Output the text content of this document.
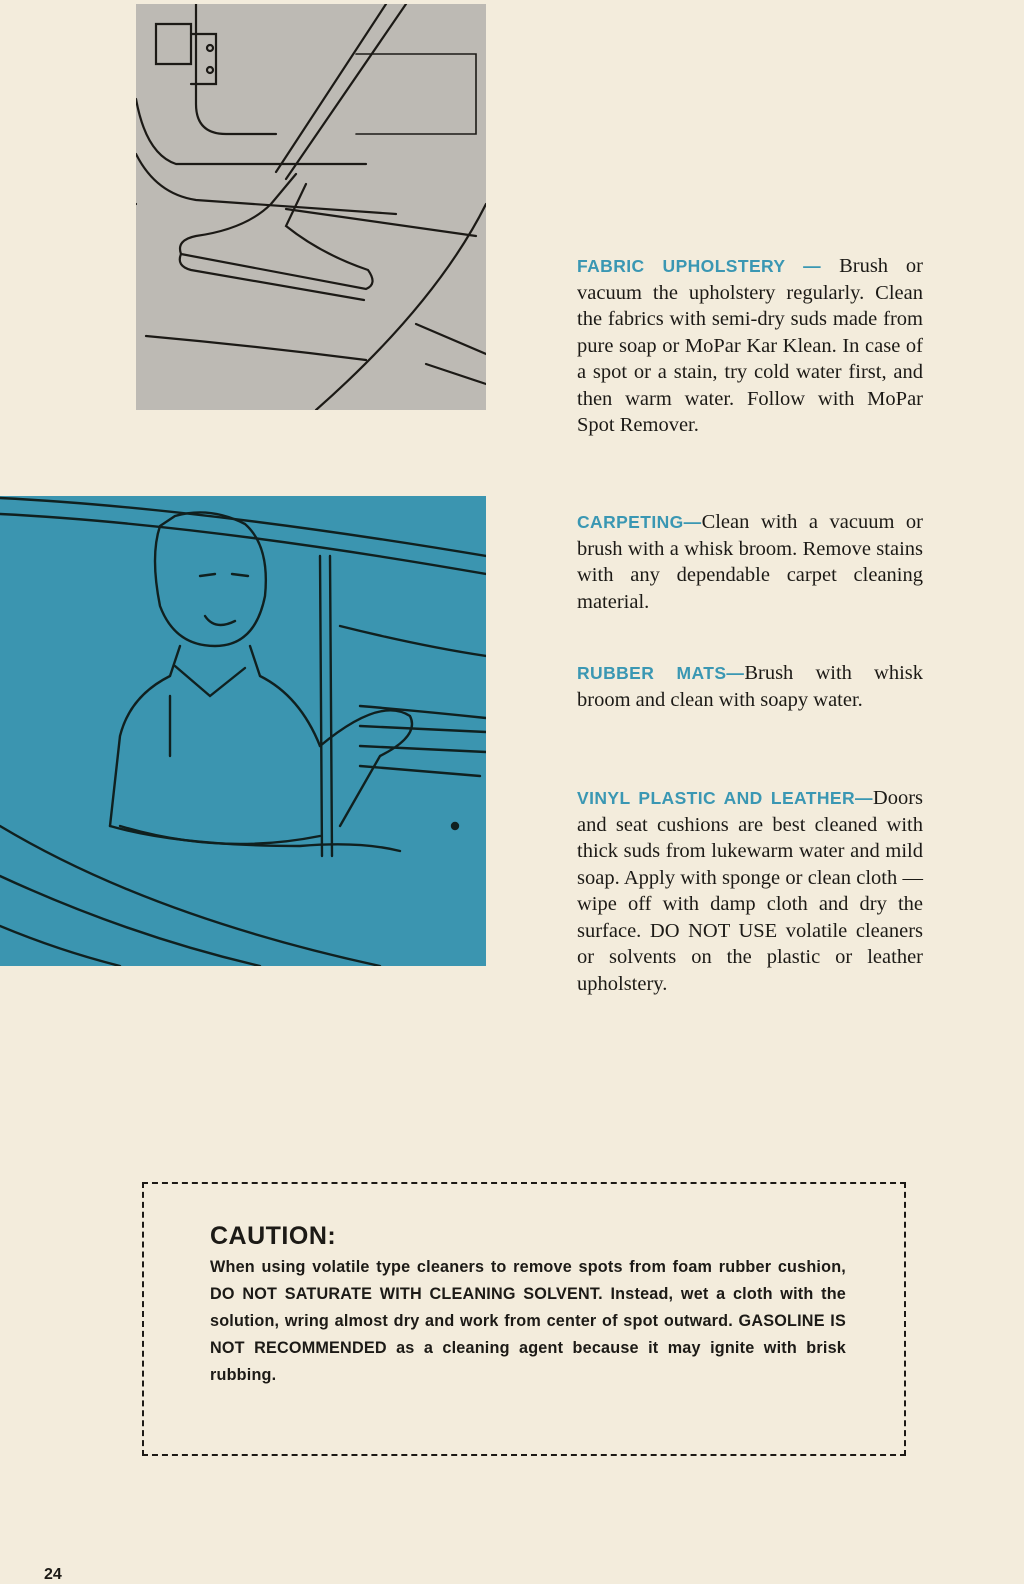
FABRIC UPHOLSTERY — Brush or vacuum the upholstery regularly. Clean the fabrics with semi-dry suds made from pure soap or MoPar Kar Klean. In case of a spot or a stain, try cold water first, and then warm water. Follow with MoPar Spot Remover.

CARPETING—Clean with a vacuum or brush with a whisk broom. Remove stains with any dependable carpet cleaning material.

RUBBER MATS—Brush with whisk broom and clean with soapy water.

VINYL PLASTIC AND LEATHER—Doors and seat cushions are best cleaned with thick suds from lukewarm water and mild soap. Apply with sponge or clean cloth —wipe off with damp cloth and dry the surface. DO NOT USE volatile cleaners or solvents on the plastic or leather upholstery.

CAUTION:

When using volatile type cleaners to remove spots from foam rubber cushion, DO NOT SATURATE WITH CLEANING SOLVENT. Instead, wet a cloth with the solution, wring almost dry and work from center of spot outward. GASOLINE IS NOT RECOMMENDED as a cleaning agent because it may ignite with brisk rubbing.

24
